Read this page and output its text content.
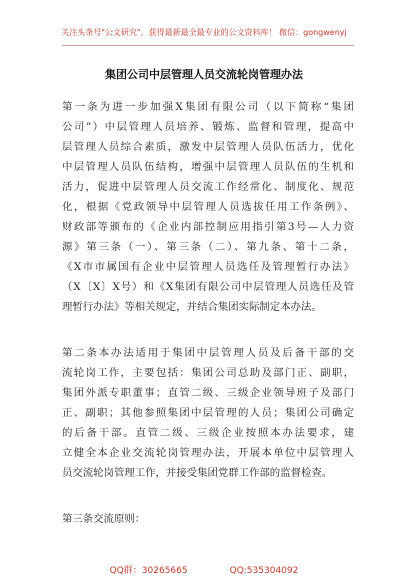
关注头条号"公文研究"，获得最新最全最专业的公文资料库！ 微信：gongwenyj
集团公司中层管理人员交流轮岗管理办法
第一条为进一步加强X集团有限公司（以下简称“集团
公司”）中层管理人员培养、锻炼、监督和管理，提高中
层管理人员综合素质，激发中层管理人员队伍活力，优化
中层管理人员队伍结构，增强中层管理人员队伍的生机和
活力，促进中层管理人员交流工作经常化、制度化、规范
化，根据《党政领导中层管理人员选拔任用工作条例》、
财政部等颁布的《企业内部控制应用指引第3号—人力资
源》第三条（一）、第三条（二）、第九条、第十二条，
《X市市属国有企业中层管理人员选任及管理暂行办法》
（X〔X〕X号）和《X集团有限公司中层管理人员选任及管
理暂行办法》等相关规定，并结合集团实际制定本办法。
第二条本办法适用于集团中层管理人员及后备干部的交
流轮岗工作，主要包括：集团公司总助及部门正、副职，
集团外派专职董事；直管二级、三级企业领导班子及部门
正、副职；其他参照集团中层管理的人员；集团公司确定
的后备干部。直管二级、三级企业按照本办法要求，建
立健全本企业交流轮岗管理办法，开展本单位中层管理人
员交流轮岗管理工作，并接受集团党群工作部的监督检查。
第三条交流原则：
QQ群：30265665	QQ:535304092
